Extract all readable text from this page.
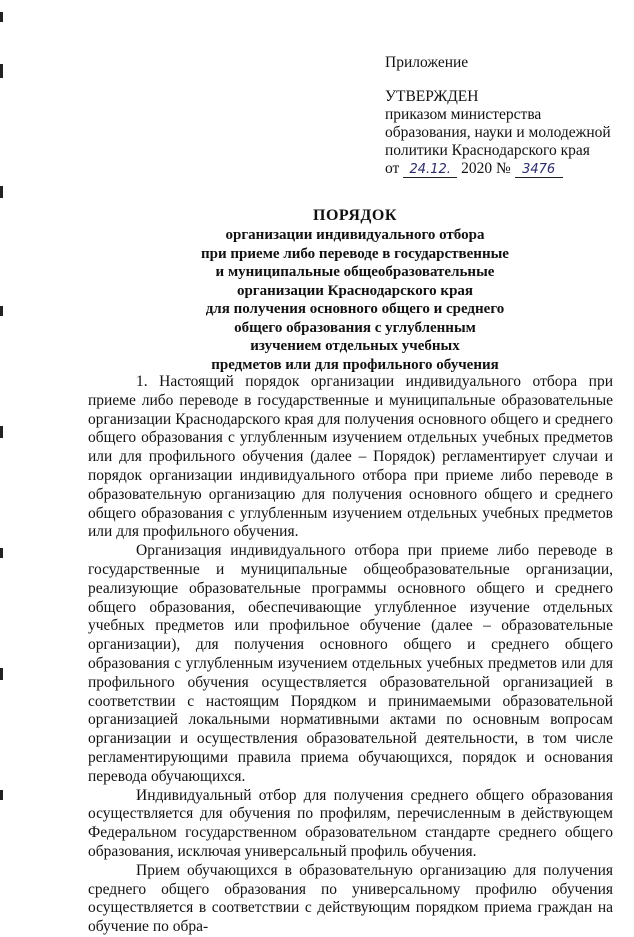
Приложение
УТВЕРЖДЕН
приказом министерства
образования, науки и молодежной
политики Краснодарского края
от 24.12. 2020 № 3476
ПОРЯДОК
организации индивидуального отбора
при приеме либо переводе в государственные
и муниципальные общеобразовательные
организации Краснодарского края
для получения основного общего и среднего
общего образования с углубленным
изучением отдельных учебных
предметов или для профильного обучения

1. Настоящий порядок организации индивидуального отбора при приеме либо переводе в государственные и муниципальные образовательные организации Краснодарского края для получения основного общего и среднего общего образования с углубленным изучением отдельных учебных предметов или для профильного обучения (далее – Порядок) регламентирует случаи и порядок организации индивидуального отбора при приеме либо переводе в образовательную организацию для получения основного общего и среднего общего образования с углубленным изучением отдельных учебных предметов или для профильного обучения.

Организация индивидуального отбора при приеме либо переводе в государственные и муниципальные общеобразовательные организации, реализующие образовательные программы основного общего и среднего общего образования, обеспечивающие углубленное изучение отдельных учебных предметов или профильное обучение (далее – образовательные организации), для получения основного общего и среднего общего образования с углубленным изучением отдельных учебных предметов или для профильного обучения осуществляется образовательной организацией в соответствии с настоящим Порядком и принимаемыми образовательной организацией локальными нормативными актами по основным вопросам организации и осуществления образовательной деятельности, в том числе регламентирующими правила приема обучающихся, порядок и основания перевода обучающихся.

Индивидуальный отбор для получения среднего общего образования осуществляется для обучения по профилям, перечисленным в действующем Федеральном государственном образовательном стандарте среднего общего образования, исключая универсальный профиль обучения.

Прием обучающихся в образовательную организацию для получения среднего общего образования по универсальному профилю обучения осуществляется в соответствии с действующим порядком приема граждан на обучение по обра-
